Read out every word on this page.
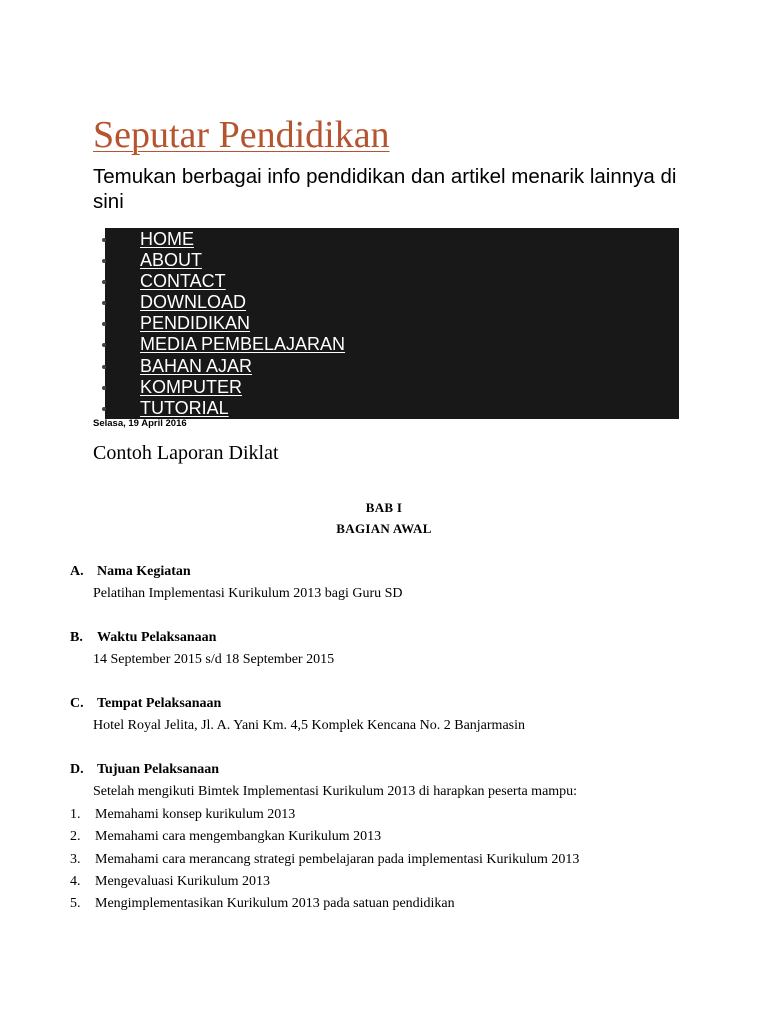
Seputar Pendidikan
Temukan berbagai info pendidikan dan artikel menarik lainnya di sini
HOME
ABOUT
CONTACT
DOWNLOAD
PENDIDIKAN
MEDIA PEMBELAJARAN
BAHAN AJAR
KOMPUTER
TUTORIAL
Selasa, 19 April 2016
Contoh Laporan Diklat
BAB I
BAGIAN AWAL
A. Nama Kegiatan
Pelatihan Implementasi Kurikulum 2013 bagi Guru SD
B. Waktu Pelaksanaan
14 September 2015 s/d 18 September 2015
C. Tempat Pelaksanaan
Hotel Royal Jelita, Jl. A. Yani Km. 4,5 Komplek Kencana No. 2 Banjarmasin
D. Tujuan Pelaksanaan
Setelah mengikuti Bimtek Implementasi Kurikulum 2013 di harapkan peserta mampu:
1. Memahami konsep kurikulum 2013
2. Memahami cara mengembangkan Kurikulum 2013
3. Memahami cara merancang strategi pembelajaran pada implementasi Kurikulum 2013
4. Mengevaluasi Kurikulum 2013
5. Mengimplementasikan Kurikulum 2013 pada satuan pendidikan
